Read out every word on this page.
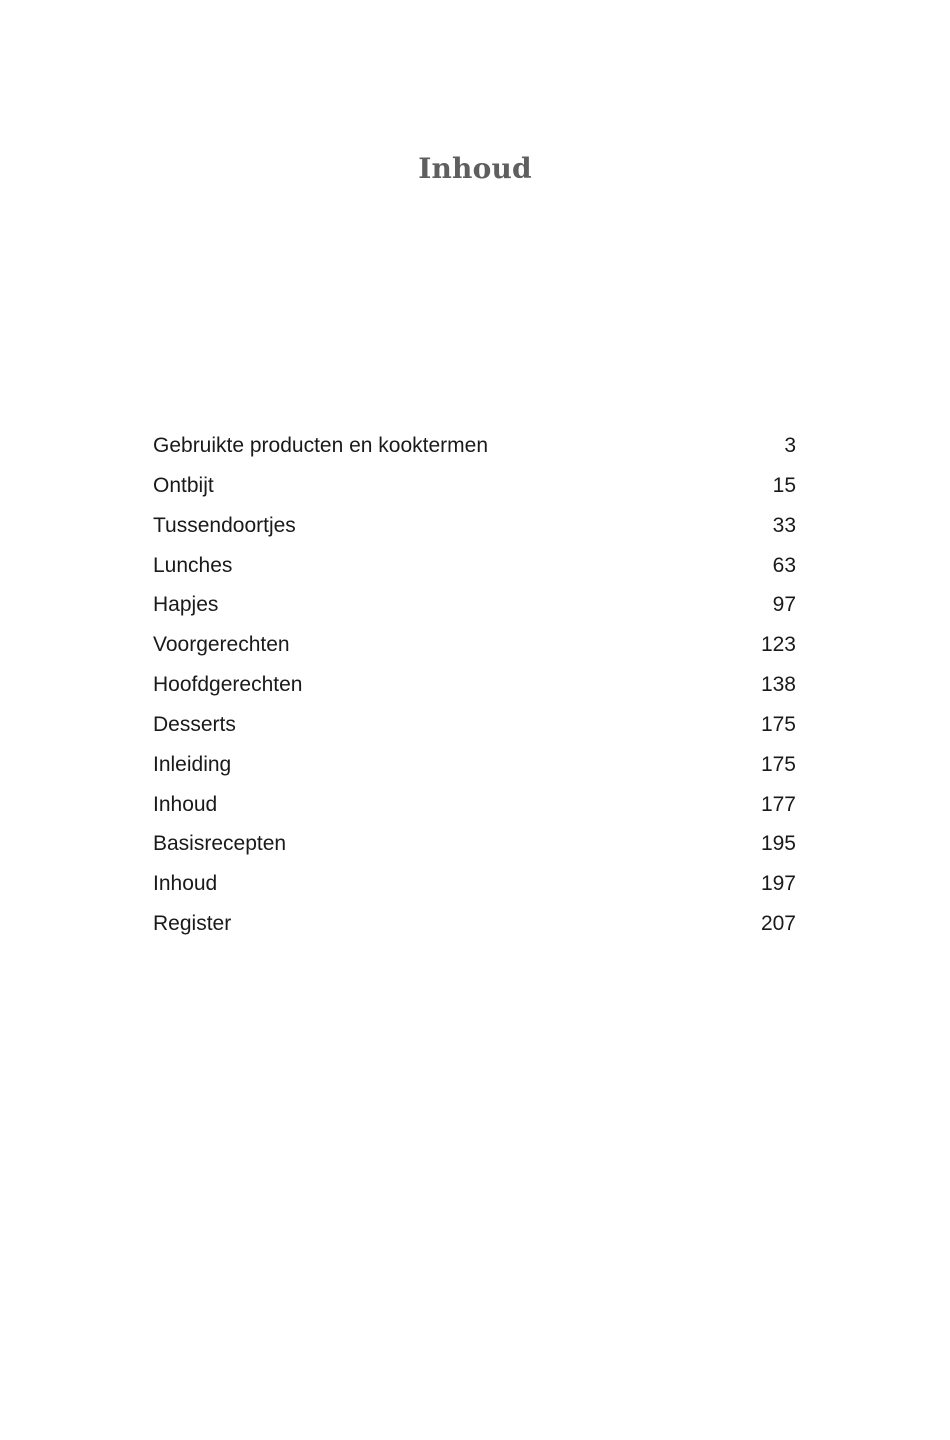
Inhoud
Gebruikte producten en kooktermen	3
Ontbijt	15
Tussendoortjes	33
Lunches	63
Hapjes	97
Voorgerechten	123
Hoofdgerechten	138
Desserts	175
Inleiding	175
Inhoud	177
Basisrecepten	195
Inhoud	197
Register	207
